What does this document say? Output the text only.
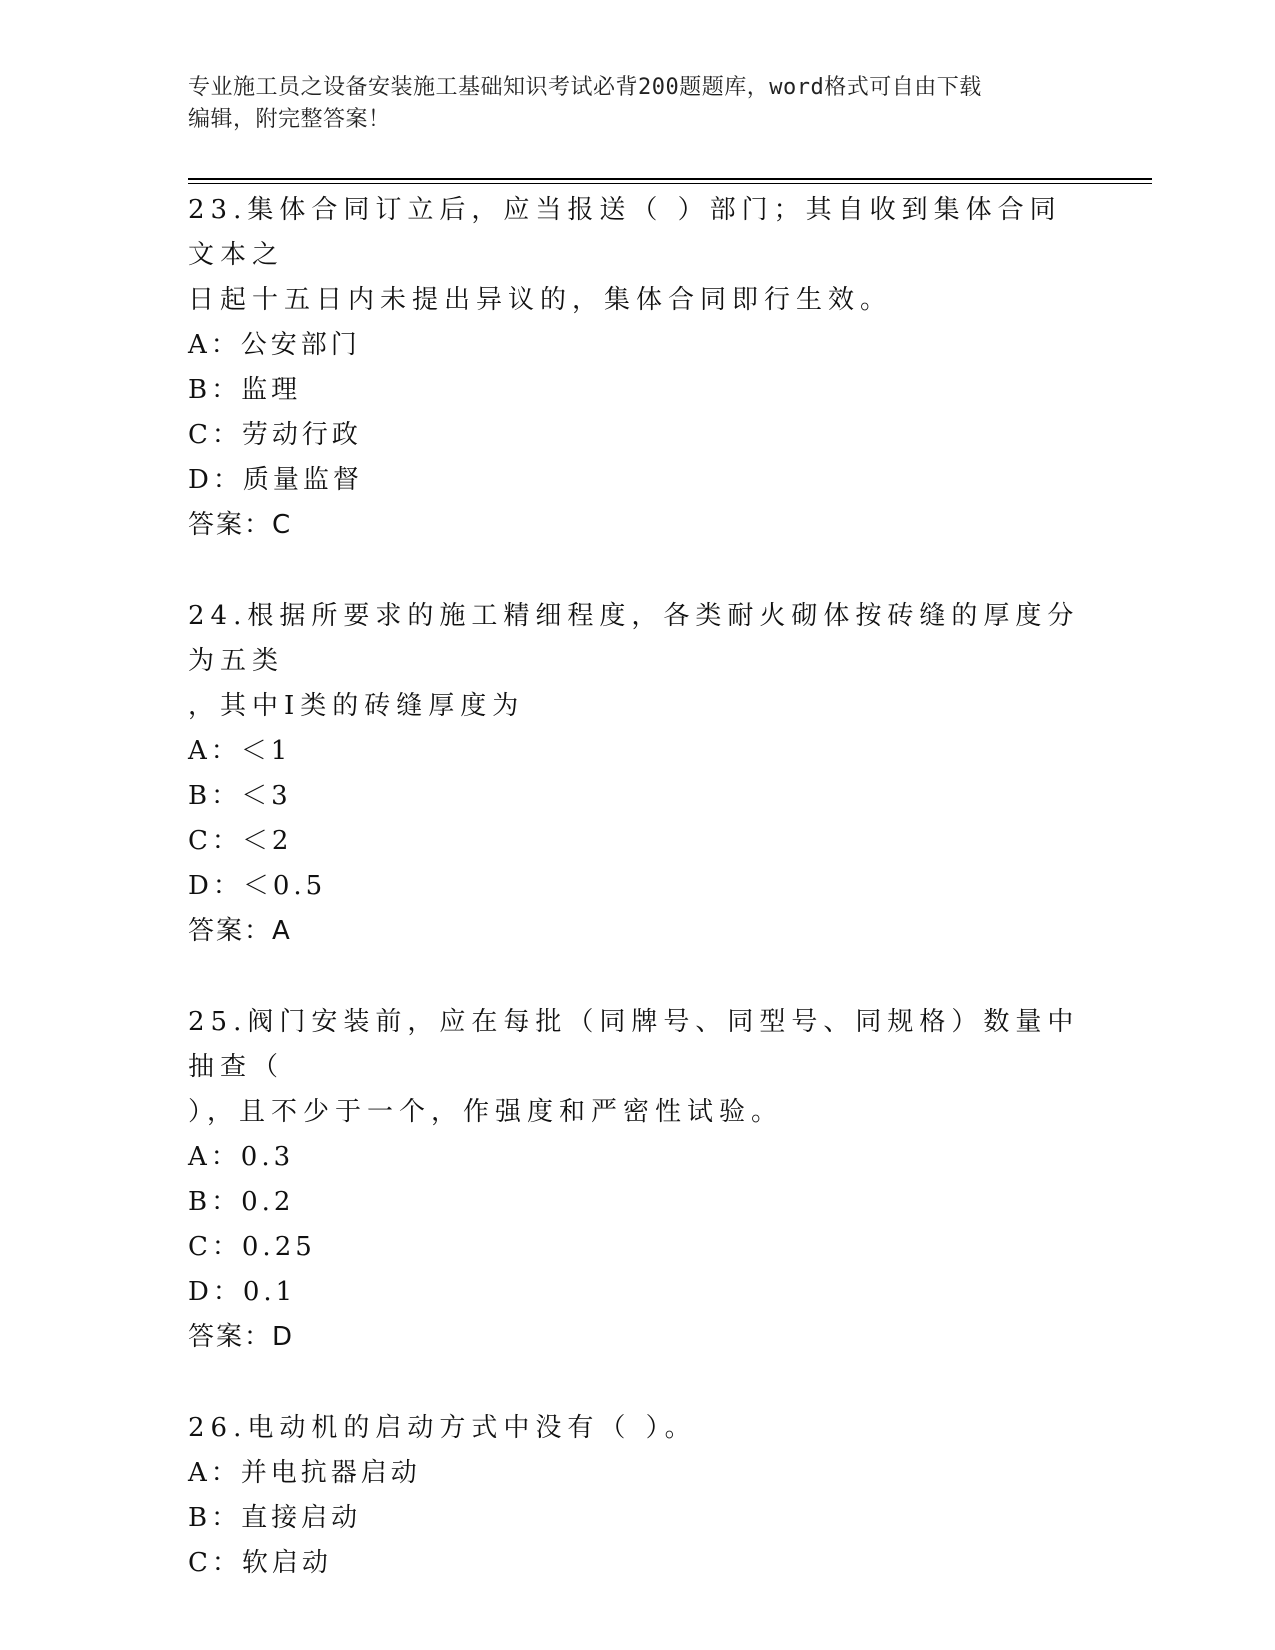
专业施工员之设备安装施工基础知识考试必背200题题库，word格式可自由下载
编辑，附完整答案！

23.集体合同订立后，应当报送（ ）部门；其自收到集体合同文本之

日起十五日内未提出异议的，集体合同即行生效。

A：公安部门

B：监理

C：劳动行政

D：质量监督

答案：C

24.根据所要求的施工精细程度，各类耐火砌体按砖缝的厚度分为五类

，其中Ⅰ类的砖缝厚度为

A：＜1

B：＜3

C：＜2

D：＜0.5

答案：A

25.阀门安装前，应在每批（同牌号、同型号、同规格）数量中抽查（

），且不少于一个，作强度和严密性试验。

A：0.3

B：0.2

C：0.25

D：0.1

答案：D

26.电动机的启动方式中没有（ ）。

A：并电抗器启动

B：直接启动

C：软启动
